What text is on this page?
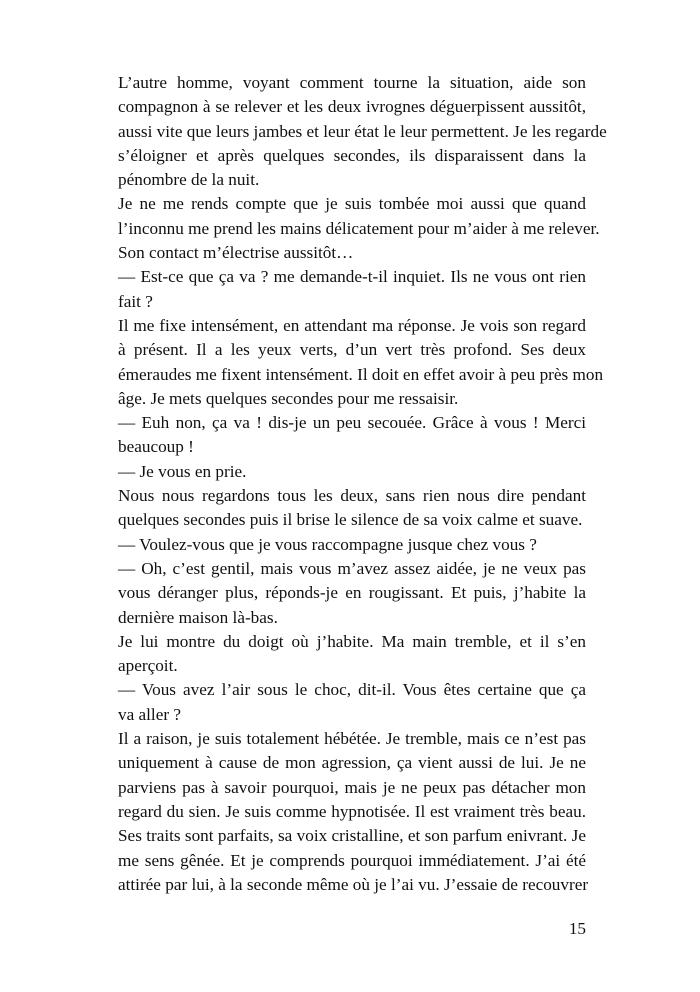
L’autre homme, voyant comment tourne la situation, aide son
compagnon à se relever et les deux ivrognes déguerpissent aussitôt,
aussi vite que leurs jambes et leur état le leur permettent. Je les regarde
s’éloigner et après quelques secondes, ils disparaissent dans la
pénombre de la nuit.
Je ne me rends compte que je suis tombée moi aussi que quand
l’inconnu me prend les mains délicatement pour m’aider à me relever.
Son contact m’électrise aussitôt…
— Est-ce que ça va ? me demande-t-il inquiet. Ils ne vous ont rien
fait ?
Il me fixe intensément, en attendant ma réponse. Je vois son regard
à présent. Il a les yeux verts, d’un vert très profond. Ses deux
émeraudes me fixent intensément. Il doit en effet avoir à peu près mon
âge. Je mets quelques secondes pour me ressaisir.
— Euh non, ça va ! dis-je un peu secouée. Grâce à vous ! Merci
beaucoup !
— Je vous en prie.
Nous nous regardons tous les deux, sans rien nous dire pendant
quelques secondes puis il brise le silence de sa voix calme et suave.
— Voulez-vous que je vous raccompagne jusque chez vous ?
— Oh, c’est gentil, mais vous m’avez assez aidée, je ne veux pas
vous déranger plus, réponds-je en rougissant. Et puis, j’habite la
dernière maison là-bas.
Je lui montre du doigt où j’habite. Ma main tremble, et il s’en
aperçoit.
— Vous avez l’air sous le choc, dit-il. Vous êtes certaine que ça
va aller ?
Il a raison, je suis totalement hébétée. Je tremble, mais ce n’est pas
uniquement à cause de mon agression, ça vient aussi de lui. Je ne
parviens pas à savoir pourquoi, mais je ne peux pas détacher mon
regard du sien. Je suis comme hypnotisée. Il est vraiment très beau.
Ses traits sont parfaits, sa voix cristalline, et son parfum enivrant. Je
me sens gênée. Et je comprends pourquoi immédiatement. J’ai été
attirée par lui, à la seconde même où je l’ai vu. J’essaie de recouvrer
15
